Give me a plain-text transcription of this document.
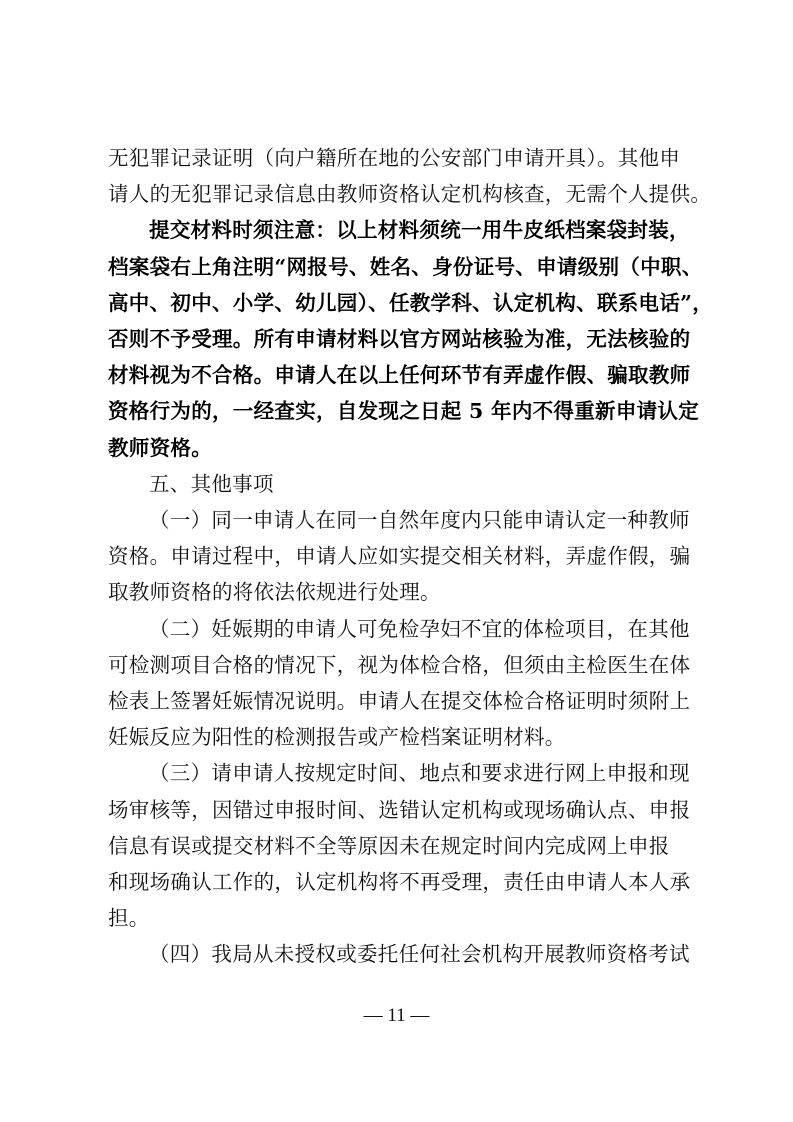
无犯罪记录证明（向户籍所在地的公安部门申请开具）。其他申
请人的无犯罪记录信息由教师资格认定机构核查，无需个人提供。

提交材料时须注意：以上材料须统一用牛皮纸档案袋封装，
档案袋右上角注明“网报号、姓名、身份证号、申请级别（中职、
高中、初中、小学、幼儿园）、任教学科、认定机构、联系电话”，
否则不予受理。所有申请材料以官方网站核验为准，无法核验的
材料视为不合格。申请人在以上任何环节有弄虚作假、骗取教师
资格行为的，一经查实，自发现之日起 5 年内不得重新申请认定
教师资格。

五、其他事项

（一）同一申请人在同一自然年度内只能申请认定一种教师
资格。申请过程中，申请人应如实提交相关材料，弄虚作假，骗
取教师资格的将依法依规进行处理。

（二）妊娠期的申请人可免检孕妇不宜的体检项目，在其他
可检测项目合格的情况下，视为体检合格，但须由主检医生在体
检表上签署妊娠情况说明。申请人在提交体检合格证明时须附上
妊娠反应为阳性的检测报告或产检档案证明材料。

（三）请申请人按规定时间、地点和要求进行网上申报和现
场审核等，因错过申报时间、选错认定机构或现场确认点、申报
信息有误或提交材料不全等原因未在规定时间内完成网上申报
和现场确认工作的，认定机构将不再受理，责任由申请人本人承
担。

（四）我局从未授权或委托任何社会机构开展教师资格考试

— 11 —
